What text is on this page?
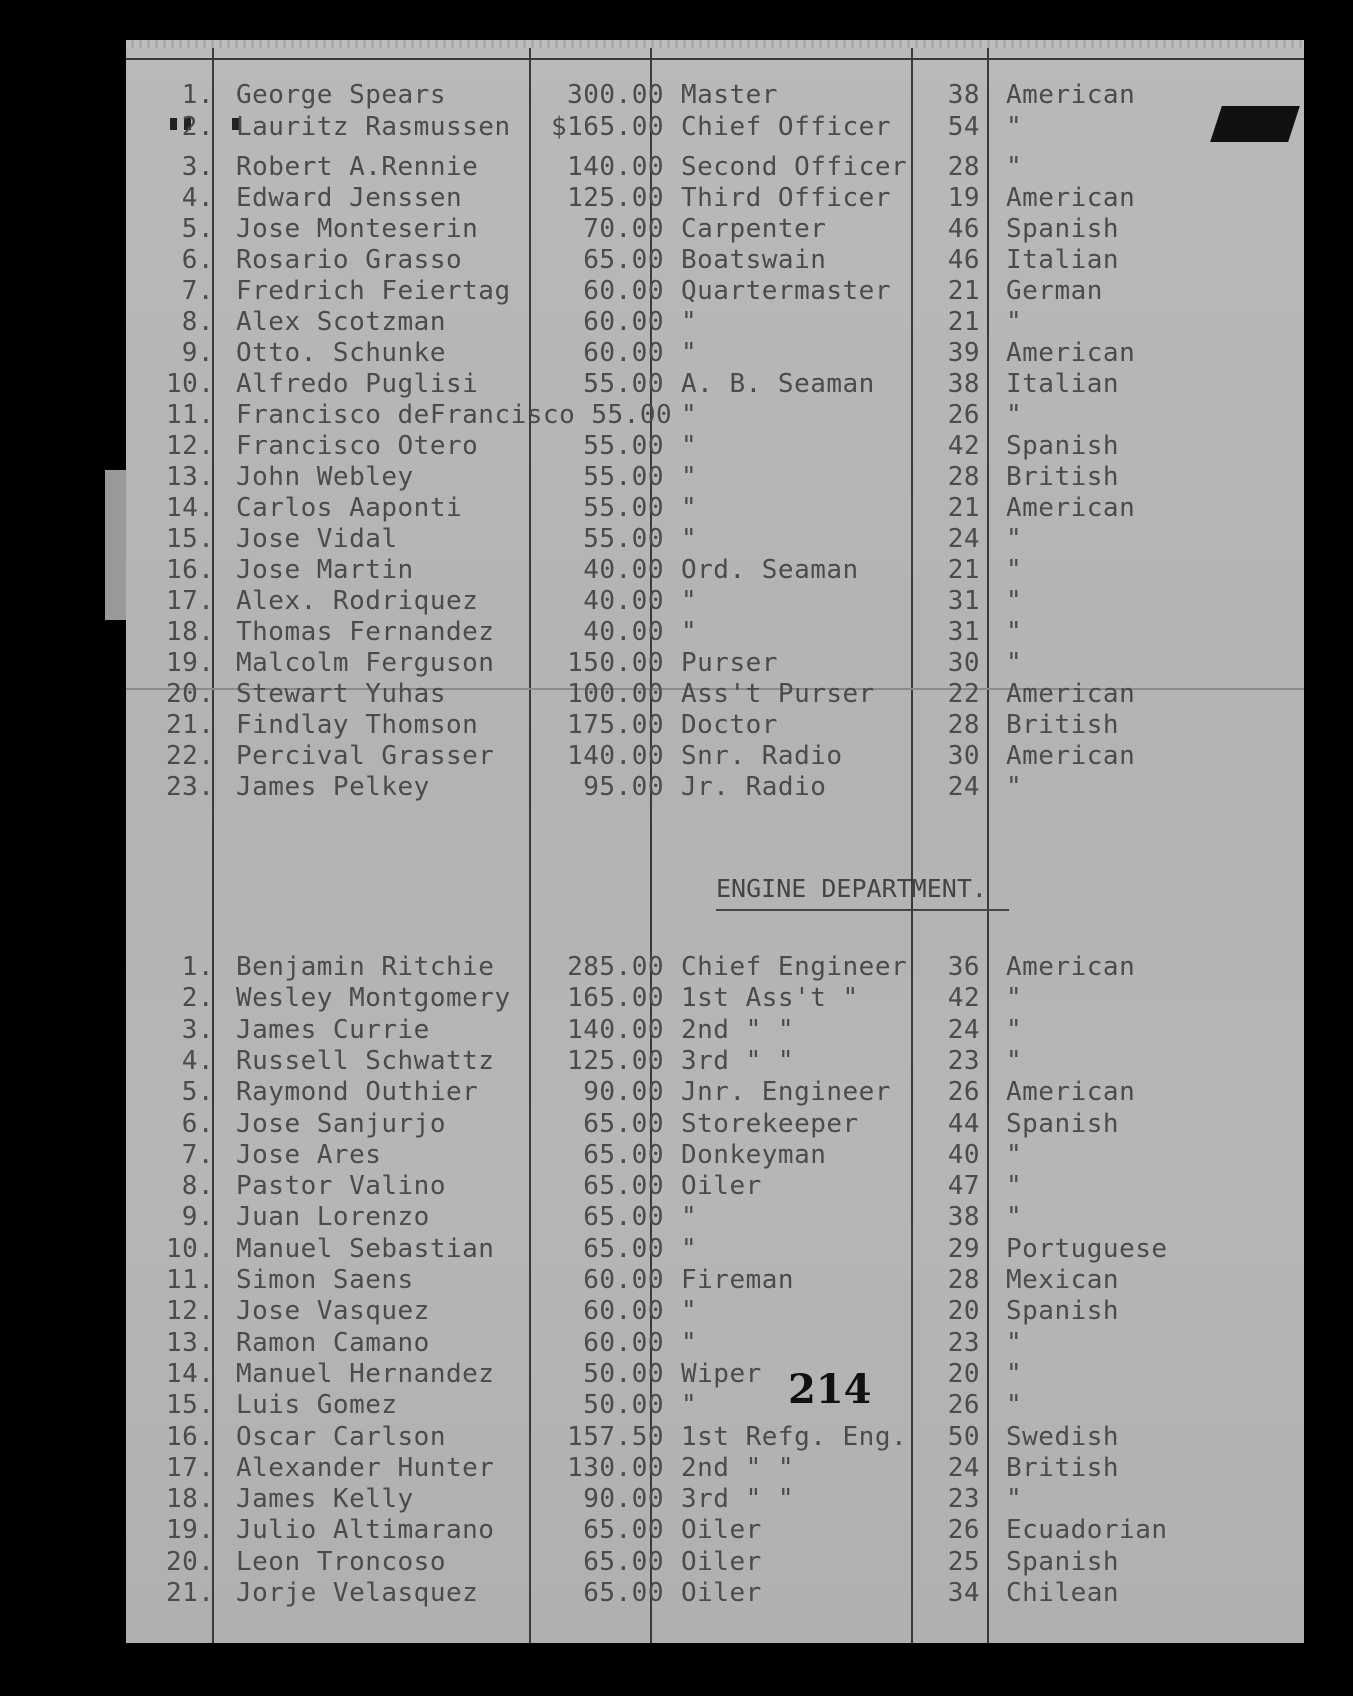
1. George Spears	300.00 Master	38 American
2. Lauritz Rasmussen $165.00 Chief Officer	54 "
3. Robert A.Rennie	140.00 Second Officer	28 "
4. Edward Jenssen	125.00 Third Officer	19 American
5. Jose Monteserin	70.00 Carpenter	46 Spanish
6. Rosario Grasso	65.00 Boatswain	46 Italian
7. Fredrich Feiertag	60.00 Quartermaster	21 German
8. Alex Scotzman	60.00 "	21 "
9. Otto. Schunke	60.00 "	39 American
10. Alfredo Puglisi	55.00 A. B. Seaman	38 Italian
11. Francisco deFrancisco 55.00 "	26 "
12. Francisco Otero	55.00 "	42 Spanish
13. John Webley	55.00 "	28 British
14. Carlos Aaponti	55.00 "	21 American
15. Jose Vidal	55.00 "	24 "
16. Jose Martin	40.00 Ord. Seaman	21 "
17. Alex. Rodriquez	40.00 "	31 "
18. Thomas Fernandez	40.00 "	31 "
19. Malcolm Ferguson	150.00 Purser	30 "
20. Stewart Yuhas	100.00 Ass't Purser	22 American
21. Findlay Thomson	175.00 Doctor	28 British
22. Percival Grasser	140.00 Snr. Radio	30 American
23. James Pelkey	95.00 Jr. Radio	24 "
ENGINE DEPARTMENT.
1. Benjamin Ritchie	285.00 Chief Engineer	36 American
2. Wesley Montgomery	165.00 1st Ass't "	42 "
3. James Currie	140.00 2nd " "	24 "
4. Russell Schwattz	125.00 3rd " "	23 "
5. Raymond Outhier	90.00 Jnr. Engineer	26 American
6. Jose Sanjurjo	65.00 Storekeeper	44 Spanish
7. Jose Ares	65.00 Donkeyman	40 "
8. Pastor Valino	65.00 Oiler	47 "
9. Juan Lorenzo	65.00 "	38 "
10. Manuel Sebastian	65.00 "	29 Portuguese
11. Simon Saens	60.00 Fireman	28 Mexican
12. Jose Vasquez	60.00 "	20 Spanish
13. Ramon Camano	60.00 "	23 "
14. Manuel Hernandez	50.00 Wiper	20 "
15. Luis Gomez	50.00 "	26 "
16. Oscar Carlson	157.50 1st Refg. Eng.	50 Swedish
17. Alexander Hunter	130.00 2nd " "	24 British
18. James Kelly	90.00 3rd " "	23 "
19. Julio Altimarano	65.00 Oiler	26 Ecuadorian
20. Leon Troncoso	65.00 Oiler	25 Spanish
21. Jorje Velasquez	65.00 Oiler	34 Chilean
214
